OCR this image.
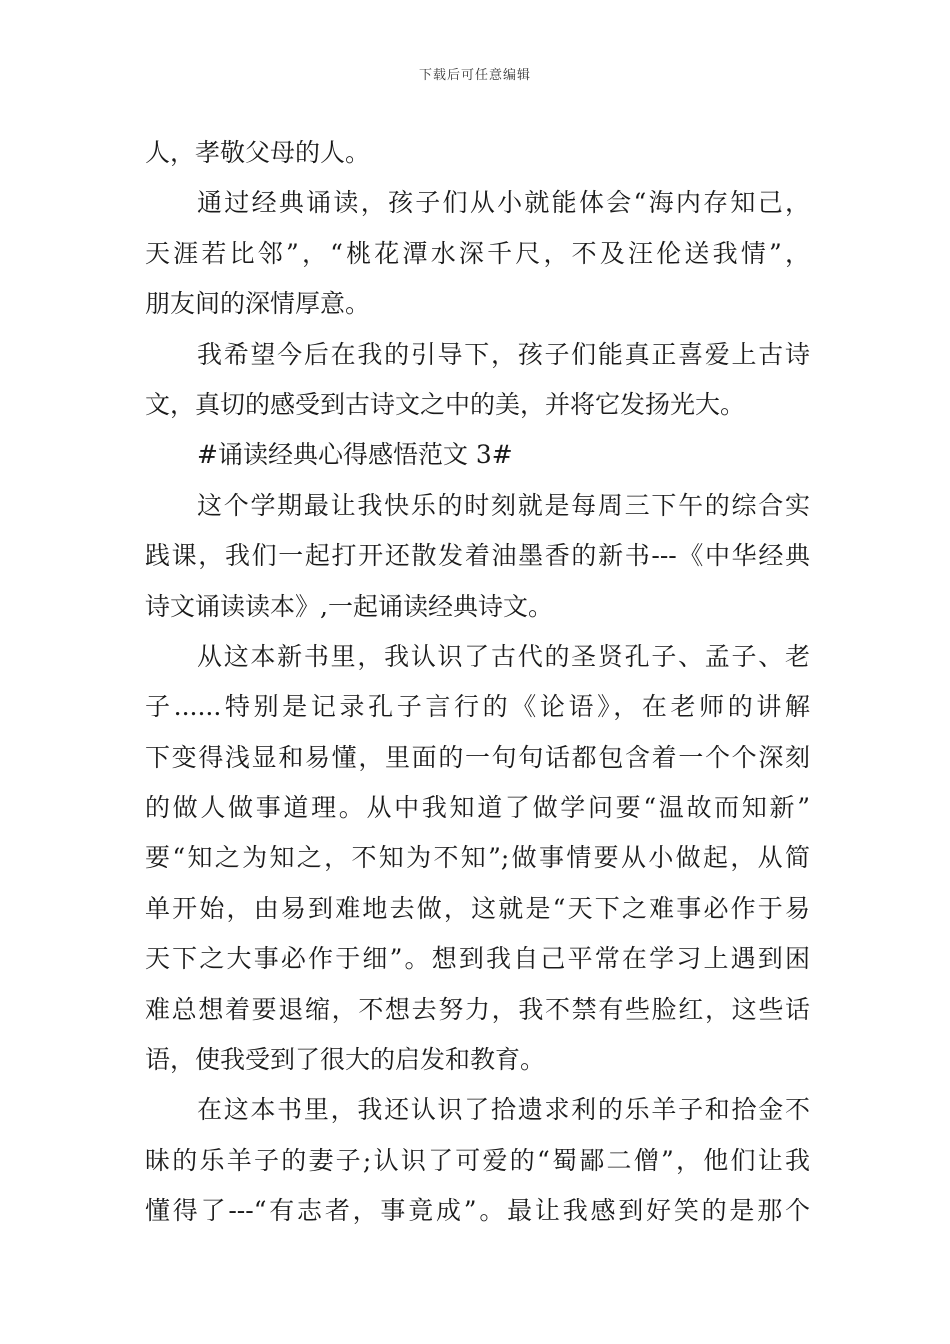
下载后可任意编辑
人，孝敬父母的人。
通过经典诵读，孩子们从小就能体会“海内存知己，
天涯若比邻”，“桃花潭水深千尺，不及汪伦送我情”，
朋友间的深情厚意。
我希望今后在我的引导下，孩子们能真正喜爱上古诗
文，真切的感受到古诗文之中的美，并将它发扬光大。
#诵读经典心得感悟范文 3#
这个学期最让我快乐的时刻就是每周三下午的综合实
践课，我们一起打开还散发着油墨香的新书---《中华经典
诗文诵读读本》,一起诵读经典诗文。
从这本新书里，我认识了古代的圣贤孔子、孟子、老
子......特别是记录孔子言行的《论语》，在老师的讲解
下变得浅显和易懂，里面的一句句话都包含着一个个深刻
的做人做事道理。从中我知道了做学问要“温故而知新”
要“知之为知之，不知为不知”;做事情要从小做起，从简
单开始，由易到难地去做，这就是“天下之难事必作于易
天下之大事必作于细”。想到我自己平常在学习上遇到困
难总想着要退缩，不想去努力，我不禁有些脸红，这些话
语，使我受到了很大的启发和教育。
在这本书里，我还认识了拾遗求利的乐羊子和拾金不
昧的乐羊子的妻子;认识了可爱的“蜀鄙二僧”，他们让我
懂得了---“有志者，事竟成”。最让我感到好笑的是那个
